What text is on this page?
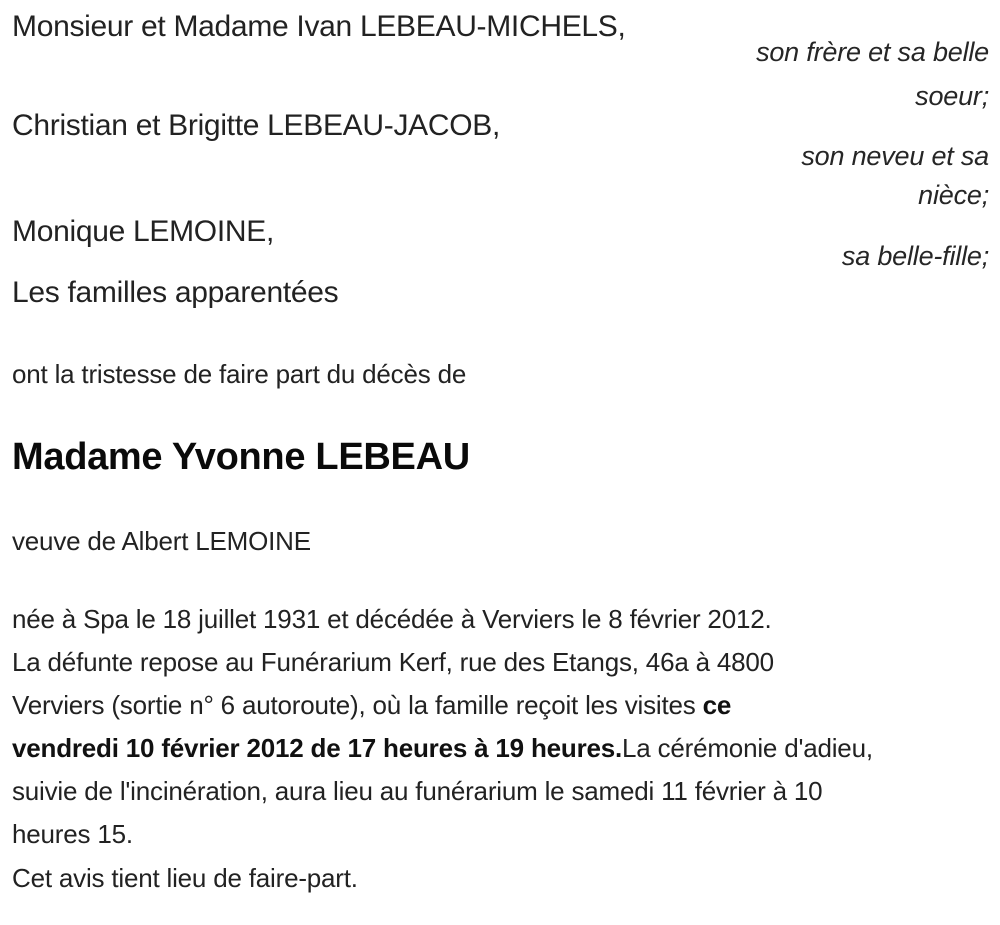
Monsieur et Madame Ivan LEBEAU-MICHELS,
son frère et sa belle
soeur;
Christian et Brigitte LEBEAU-JACOB,
son neveu et sa
nièce;
Monique LEMOINE,
sa belle-fille;
Les familles apparentées
ont la tristesse de faire part du décès de
Madame Yvonne LEBEAU
veuve de Albert LEMOINE
née à Spa le 18 juillet 1931 et décédée à Verviers le 8 février 2012.
La défunte repose au Funérarium Kerf, rue des Etangs, 46a à 4800
Verviers (sortie n° 6 autoroute), où la famille reçoit les visites ce
vendredi 10 février 2012 de 17 heures à 19 heures.La cérémonie d'adieu,
suivie de l'incinération, aura lieu au funérarium le samedi 11 février à 10
heures 15.
Cet avis tient lieu de faire-part.
